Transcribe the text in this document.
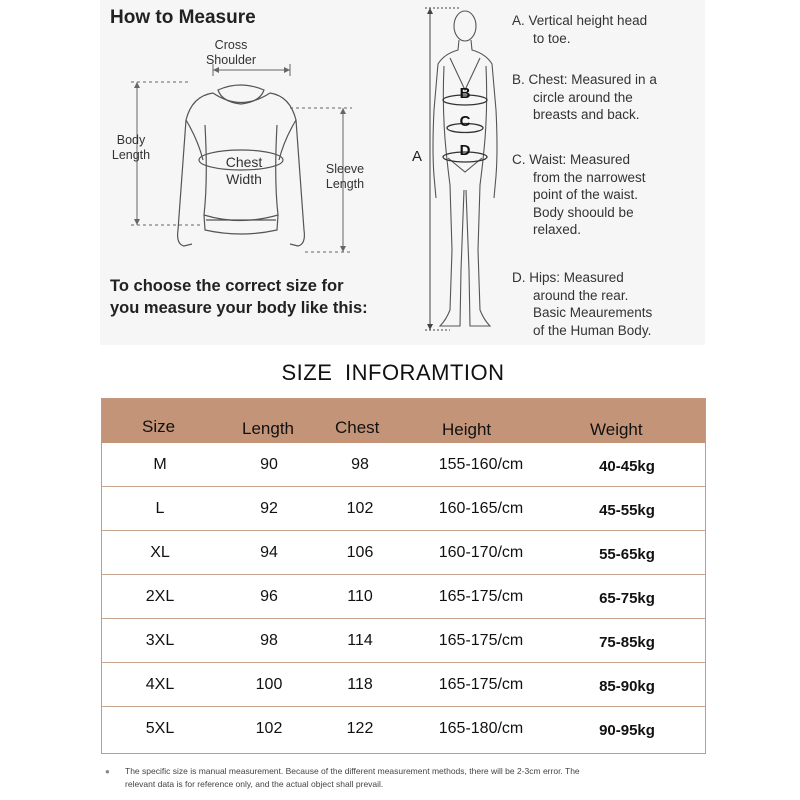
How to Measure
Cross
Shoulder
Body
Length	Chest
Width
Sleeve
Length
To choose the correct size for
you measure your body like this:
B
C
D
A
A. Vertical height head
to toe.
B. Chest: Measured in a
circle around the
breasts and back.
C. Waist: Measured
from the narrowest
point of the waist.
Body shoould be
relaxed.
D. Hips: Measured
around the rear.
Basic Meaurements
of the Human Body.
SIZE INFORAMTION
Size	Length Chest	Height	Weight
M	90	98	155-160/cm	40-45kg
L	92	102	160-165/cm	45-55kg
XL	94	106	160-170/cm	55-65kg
2XL	96	110	165-175/cm	65-75kg
3XL	98	114	165-175/cm	75-85kg
4XL	100	118	165-175/cm	85-90kg
5XL	102	122	165-180/cm	90-95kg
●	The specific size is manual measurement. Because of the different measurement methods, there will be 2-3cm error. The
relevant data is for reference only, and the actual object shall prevail.
